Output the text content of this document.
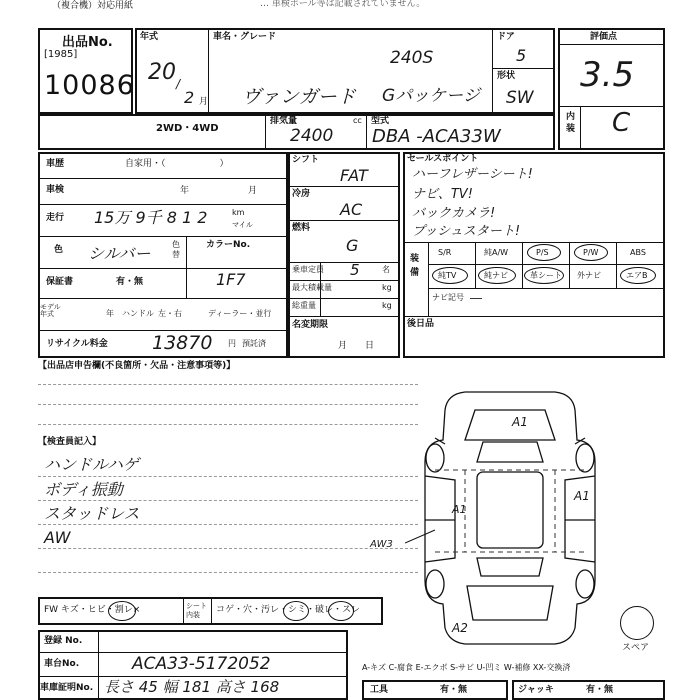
（複合機）対応用紙	… 車検ボール等は記載されていません。
出品No.
[1985]
10086
年式
20 /
2 月
車名・グレード
240S
ヴァンガード Gパッケージ
ドア
5
形状
SW
評価点
3.5
内装 C
2WD・4WD
排気量	cc
2400
型式
DBA -ACA33W
車歴	自家用・（　　　　　　）
車検	年	月
走行 15万 9千 8 1 2	km
マイル
色 シルバー	色替
カラーNo.
1F7
保証書	有・無
モデル年式	年 ハンドル 左・右	ディーラー・並行
リサイクル料金 13870 円 預託済
シフト
FAT
冷房
AC
燃料
G
乗車定員 5	名
最大積載量	kg
総重量	kg
名変期限
月　　日
セールスポイント
ハーフレザーシート!
ナビ、TV!
バックカメラ!
プッシュスタート!
装備
S/R	純A/W	P/S	P/W	ABS
純TV	純ナビ	革シート 外ナビ	エアB
ナビ記号 ―
後日品
【出品店申告欄(不良箇所・欠品・注意事項等)】
【検査員記入】
ハンドルハゲ
ボディ振動
スタッドレス
AW
A1
A1
A1
AW3
A2
スペア
FW キズ・ヒビ・割レ×	シート内装	コゲ・穴・汚レ・シミ・破レ・スレ
登録 No.
車台No.	ACA33-5172052
車庫証明No. 長さ 45 幅 181 高さ 168
A-キズ C-腐食 E-エクボ S-サビ U-凹ミ W-補修 XX-交換済
工具	有・無	ジャッキ	有・無
